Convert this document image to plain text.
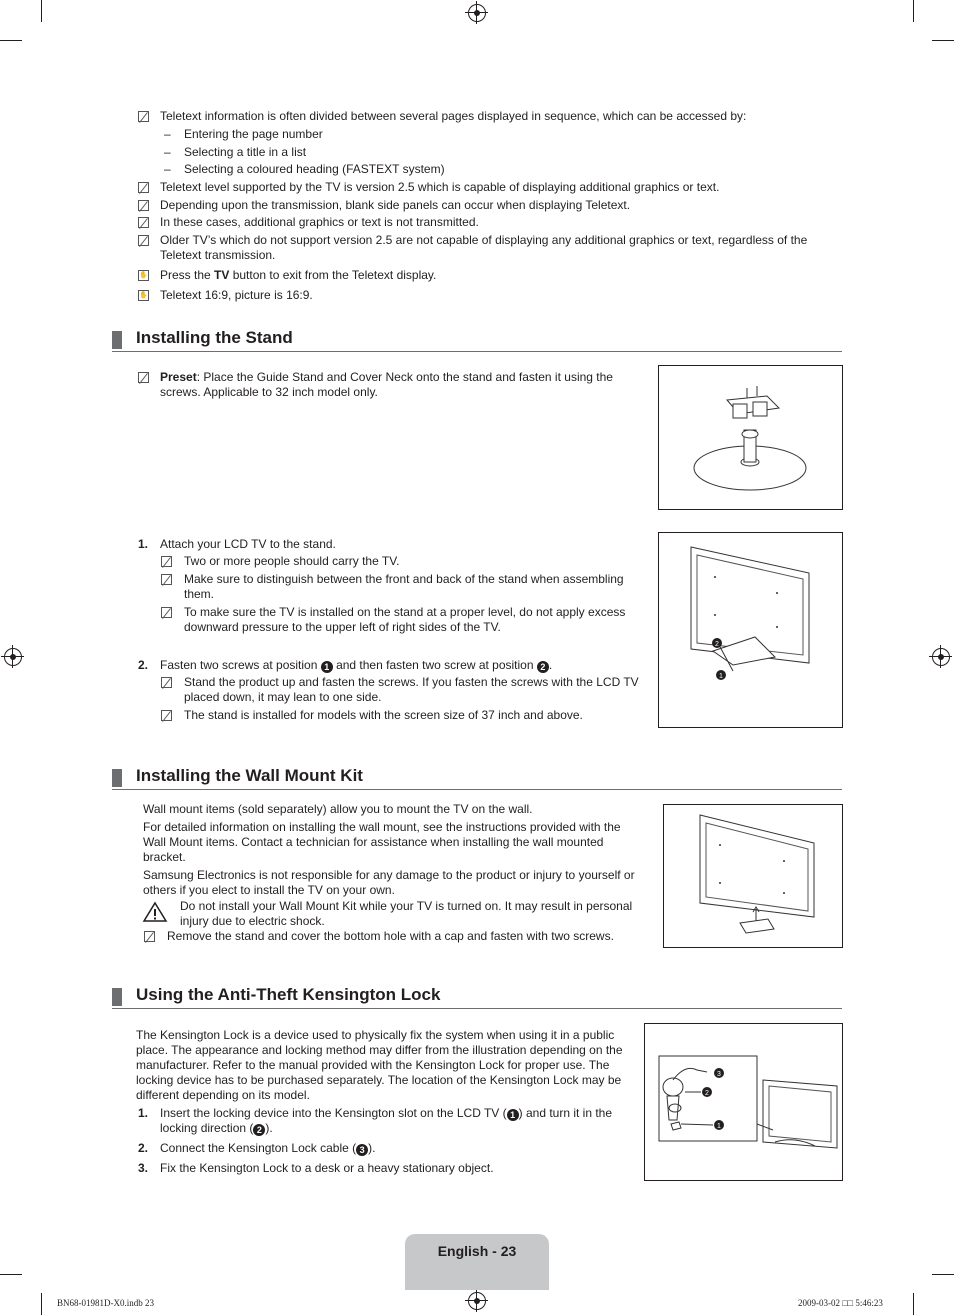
Teletext information is often divided between several pages displayed in sequence, which can be accessed by:
– Entering the page number
– Selecting a title in a list
– Selecting a coloured heading (FASTEXT system)
Teletext level supported by the TV is version 2.5 which is capable of displaying additional graphics or text.
Depending upon the transmission, blank side panels can occur when displaying Teletext.
In these cases, additional graphics or text is not transmitted.
Older TV’s which do not support version 2.5 are not capable of displaying any additional graphics or text, regardless of the Teletext transmission.
✋ Press the TV button to exit from the Teletext display.
✋ Teletext 16:9, picture is 16:9.
Installing the Stand
Preset: Place the Guide Stand and Cover Neck onto the stand and fasten it using the screws. Applicable to 32 inch model only.
1. Attach your LCD TV to the stand.
Two or more people should carry the TV.
Make sure to distinguish between the front and back of the stand when assembling them.
To make sure the TV is installed on the stand at a proper level, do not apply excess downward pressure to the upper left of right sides of the TV.
2. Fasten two screws at position 1 and then fasten two screw at position 2 .
Stand the product up and fasten the screws. If you fasten the screws with the LCD TV placed down, it may lean to one side.
The stand is installed for models with the screen size of 37 inch and above.
2
1
Installing the Wall Mount Kit
Wall mount items (sold separately) allow you to mount the TV on the wall.
For detailed information on installing the wall mount, see the instructions provided with the Wall Mount items. Contact a technician for assistance when installing the wall mounted bracket.
Samsung Electronics is not responsible for any damage to the product or injury to yourself or others if you elect to install the TV on your own.
Do not install your Wall Mount Kit while your TV is turned on. It may result in personal injury due to electric shock.
Remove the stand and cover the bottom hole with a cap and fasten with two screws.
Using the Anti-Theft Kensington Lock
The Kensington Lock is a device used to physically fix the system when using it in a public place. The appearance and locking method may differ from the illustration depending on the manufacturer. Refer to the manual provided with the Kensington Lock for proper use. The locking device has to be purchased separately. The location of the Kensington Lock may be different depending on its model.
1. Insert the locking device into the Kensington slot on the LCD TV ( 1 ) and turn it in the locking direction ( 2 ).
2. Connect the Kensington Lock cable ( 3 ).
3. Fix the Kensington Lock to a desk or a heavy stationary object.
3
2
1
English - 23
BN68-01981D-X0.indb 23	2009-03-02 □□ 5:46:23
